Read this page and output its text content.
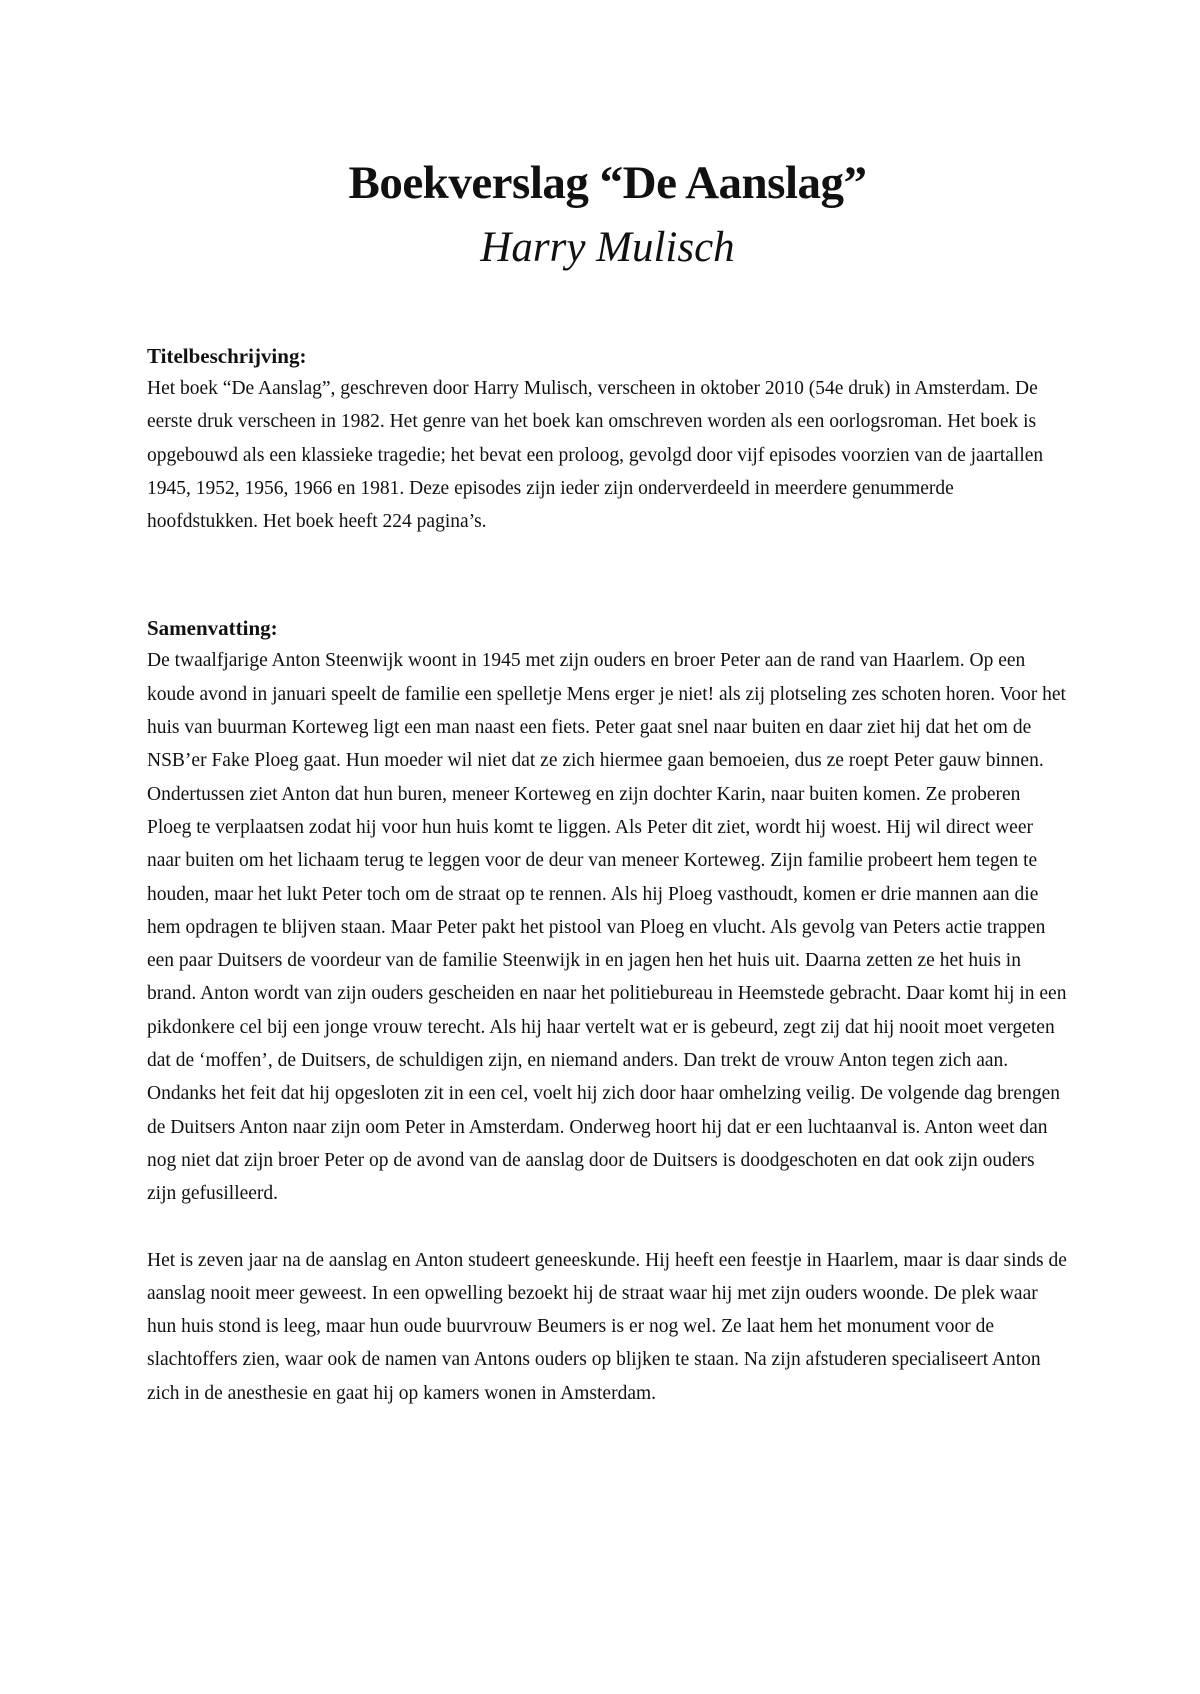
Boekverslag “De Aanslag”
Harry Mulisch
Titelbeschrijving:

Het boek “De Aanslag”, geschreven door Harry Mulisch, verscheen in oktober 2010 (54e druk) in Amsterdam. De eerste druk verscheen in 1982. Het genre van het boek kan omschreven worden als een oorlogsroman. Het boek is opgebouwd als een klassieke tragedie; het bevat een proloog, gevolgd door vijf episodes voorzien van de jaartallen 1945, 1952, 1956, 1966 en 1981. Deze episodes zijn ieder zijn onderverdeeld in meerdere genummerde hoofdstukken. Het boek heeft 224 pagina’s.

Samenvatting:

De twaalfjarige Anton Steenwijk woont in 1945 met zijn ouders en broer Peter aan de rand van Haarlem. Op een koude avond in januari speelt de familie een spelletje Mens erger je niet! als zij plotseling zes schoten horen. Voor het huis van buurman Korteweg ligt een man naast een fiets. Peter gaat snel naar buiten en daar ziet hij dat het om de NSB’er Fake Ploeg gaat. Hun moeder wil niet dat ze zich hiermee gaan bemoeien, dus ze roept Peter gauw binnen. Ondertussen ziet Anton dat hun buren, meneer Korteweg en zijn dochter Karin, naar buiten komen. Ze proberen Ploeg te verplaatsen zodat hij voor hun huis komt te liggen. Als Peter dit ziet, wordt hij woest. Hij wil direct weer naar buiten om het lichaam terug te leggen voor de deur van meneer Korteweg. Zijn familie probeert hem tegen te houden, maar het lukt Peter toch om de straat op te rennen. Als hij Ploeg vasthoudt, komen er drie mannen aan die hem opdragen te blijven staan. Maar Peter pakt het pistool van Ploeg en vlucht. Als gevolg van Peters actie trappen een paar Duitsers de voordeur van de familie Steenwijk in en jagen hen het huis uit. Daarna zetten ze het huis in brand. Anton wordt van zijn ouders gescheiden en naar het politiebureau in Heemstede gebracht. Daar komt hij in een pikdonkere cel bij een jonge vrouw terecht. Als hij haar vertelt wat er is gebeurd, zegt zij dat hij nooit moet vergeten dat de ‘moffen’, de Duitsers, de schuldigen zijn, en niemand anders. Dan trekt de vrouw Anton tegen zich aan. Ondanks het feit dat hij opgesloten zit in een cel, voelt hij zich door haar omhelzing veilig. De volgende dag brengen de Duitsers Anton naar zijn oom Peter in Amsterdam. Onderweg hoort hij dat er een luchtaanval is. Anton weet dan nog niet dat zijn broer Peter op de avond van de aanslag door de Duitsers is doodgeschoten en dat ook zijn ouders zijn gefusilleerd.

Het is zeven jaar na de aanslag en Anton studeert geneeskunde. Hij heeft een feestje in Haarlem, maar is daar sinds de aanslag nooit meer geweest. In een opwelling bezoekt hij de straat waar hij met zijn ouders woonde. De plek waar hun huis stond is leeg, maar hun oude buurvrouw Beumers is er nog wel. Ze laat hem het monument voor de slachtoffers zien, waar ook de namen van Antons ouders op blijken te staan. Na zijn afstuderen specialiseert Anton zich in de anesthesie en gaat hij op kamers wonen in Amsterdam.
